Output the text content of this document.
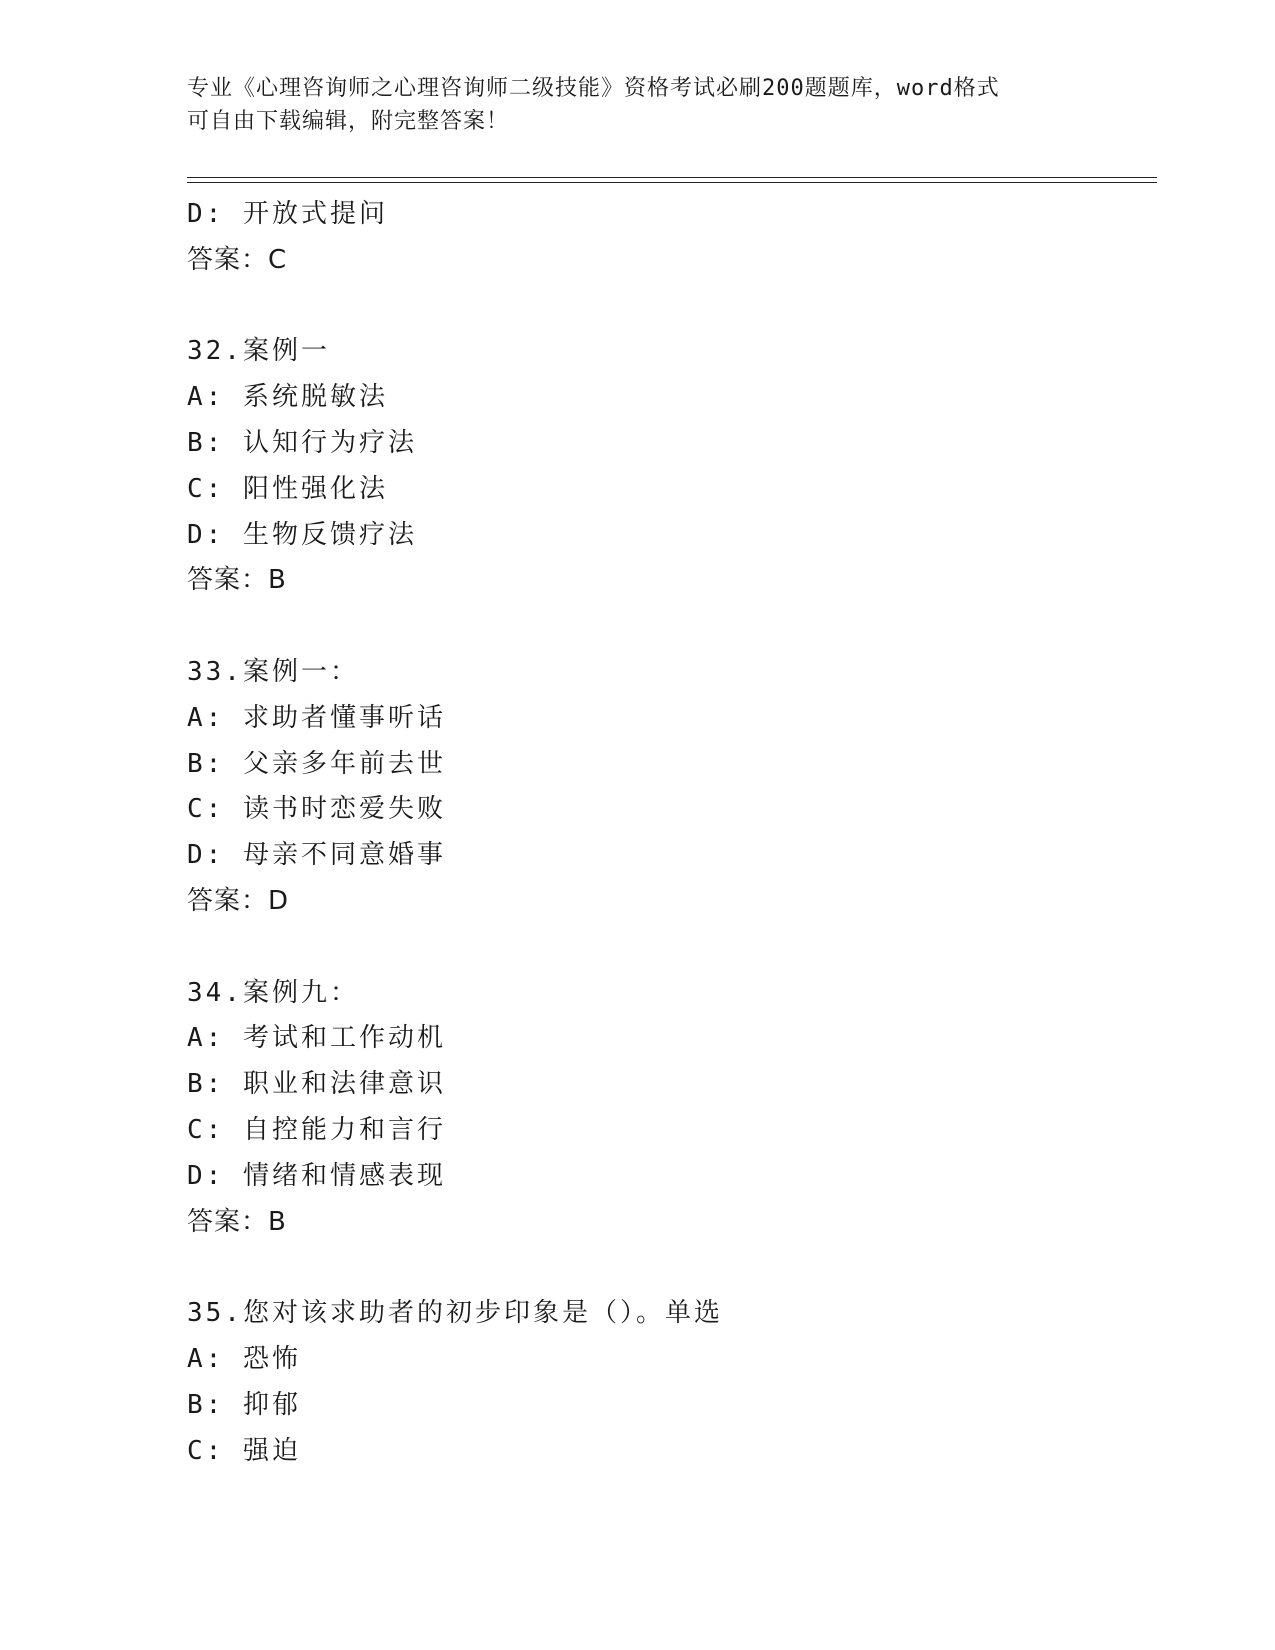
专业《心理咨询师之心理咨询师二级技能》资格考试必刷200题题库，word格式
可自由下载编辑，附完整答案！
D: 开放式提问
答案：C
32.案例一
A: 系统脱敏法
B: 认知行为疗法
C: 阳性强化法
D: 生物反馈疗法
答案：B
33.案例一：
A: 求助者懂事听话
B: 父亲多年前去世
C: 读书时恋爱失败
D: 母亲不同意婚事
答案：D
34.案例九：
A: 考试和工作动机
B: 职业和法律意识
C: 自控能力和言行
D: 情绪和情感表现
答案：B
35.您对该求助者的初步印象是（）。单选
A: 恐怖
B: 抑郁
C: 强迫
